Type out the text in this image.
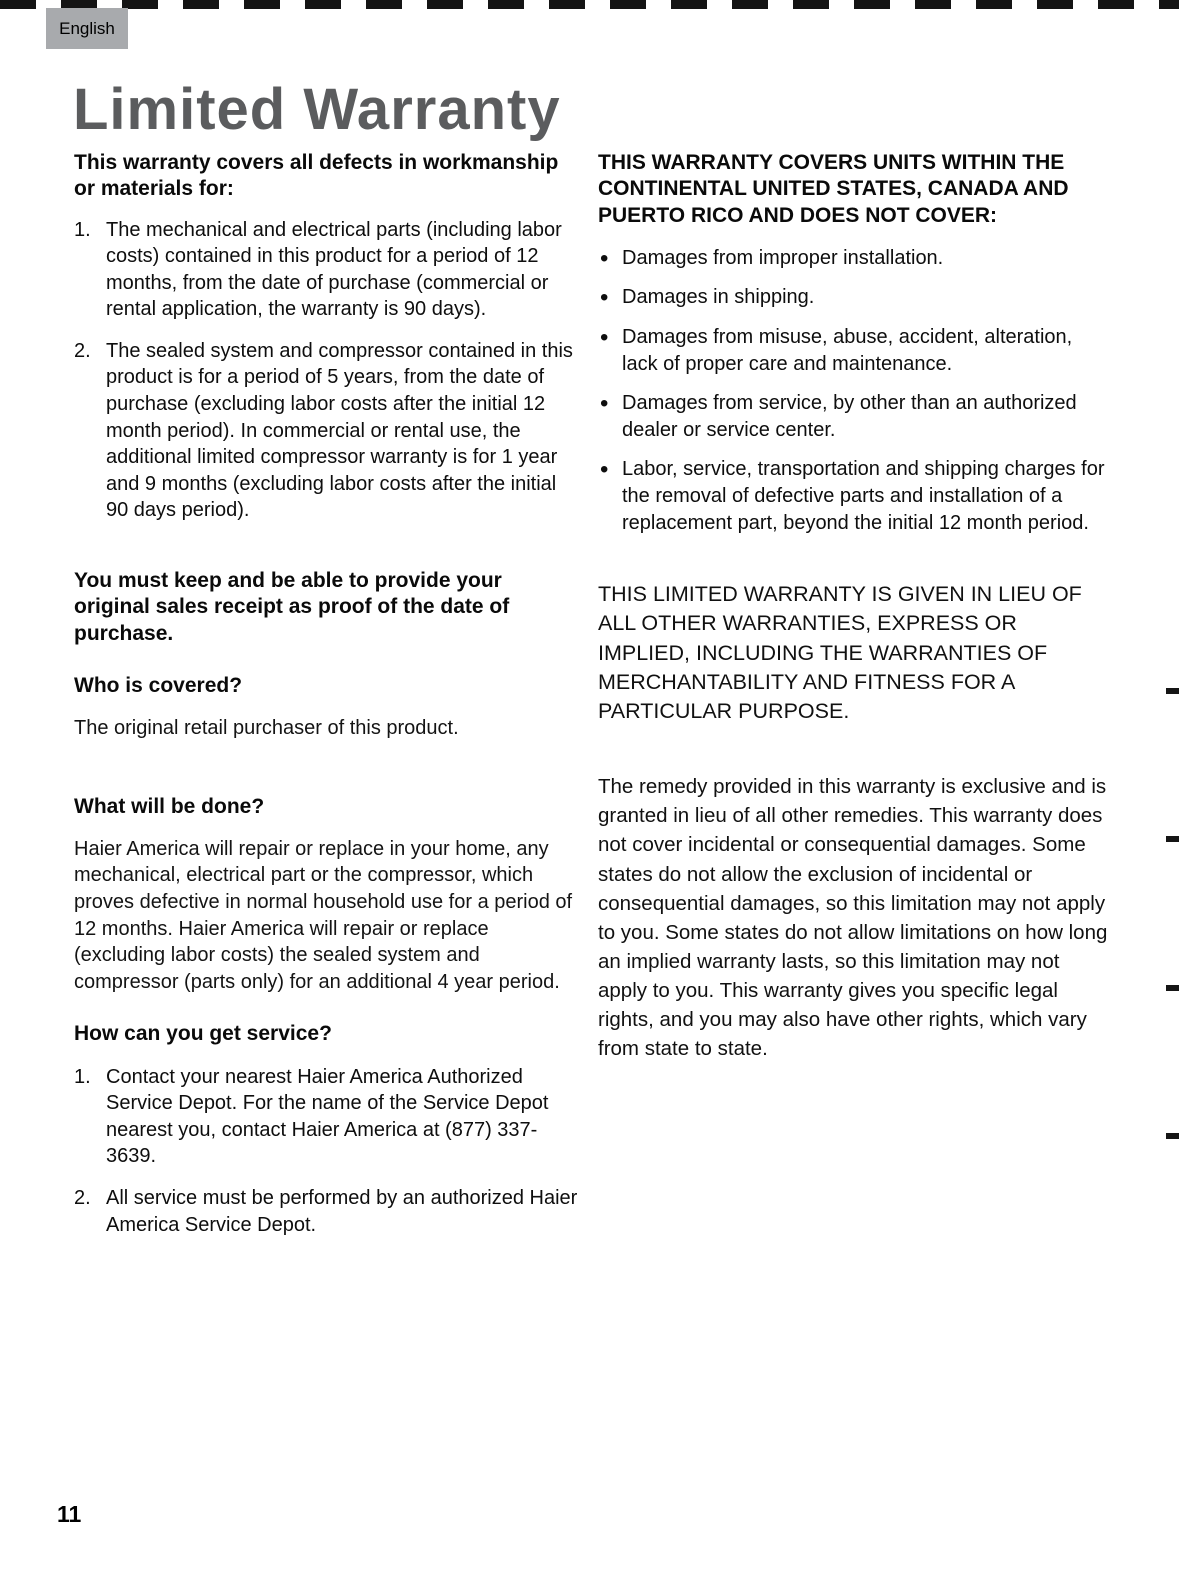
English
Limited Warranty
This warranty covers all defects in workmanship or materials for:
The mechanical and electrical parts (including labor costs) contained in this product for a period of 12 months, from the date of purchase (commercial or rental application, the warranty is 90 days).
The sealed system and compressor contained in this product is for a period of 5 years, from the date of purchase (excluding labor costs after the initial 12 month period). In commercial or rental use, the additional limited compressor warranty is for 1 year and 9 months (excluding labor costs after the initial 90 days period).
You must keep and be able to provide your original sales receipt as proof of the date of purchase.
Who is covered?

The original retail purchaser of this product.

What will be done?

Haier America will repair or replace in your home, any mechanical, electrical part or the compressor, which proves defective in normal household use for a period of 12 months. Haier America will repair or replace (excluding labor costs) the sealed system and compressor (parts only) for an additional 4 year period.

How can you get service?
Contact your nearest Haier America Authorized Service Depot. For the name of the Service Depot nearest you, contact Haier America at (877) 337-3639.
All service must be performed by an authorized Haier America Service Depot.
THIS WARRANTY COVERS UNITS WITHIN THE CONTINENTAL UNITED STATES, CANADA AND PUERTO RICO AND DOES NOT COVER:
• Damages from improper installation.
• Damages in shipping.
• Damages from misuse, abuse, accident, alteration, lack of proper care and maintenance.
• Damages from service, by other than an authorized dealer or service center.
• Labor, service, transportation and shipping charges for the removal of defective parts and installation of a replacement part, beyond the initial 12 month period.

THIS LIMITED WARRANTY IS GIVEN IN LIEU OF ALL OTHER WARRANTIES, EXPRESS OR IMPLIED, INCLUDING THE WARRANTIES OF MERCHANTABILITY AND FITNESS FOR A PARTICULAR PURPOSE.

The remedy provided in this warranty is exclusive and is granted in lieu of all other remedies. This warranty does not cover incidental or consequential damages. Some states do not allow the exclusion of incidental or consequential damages, so this limitation may not apply to you. Some states do not allow limitations on how long an implied warranty lasts, so this limitation may not apply to you. This warranty gives you specific legal rights, and you may also have other rights, which vary from state to state.

11
